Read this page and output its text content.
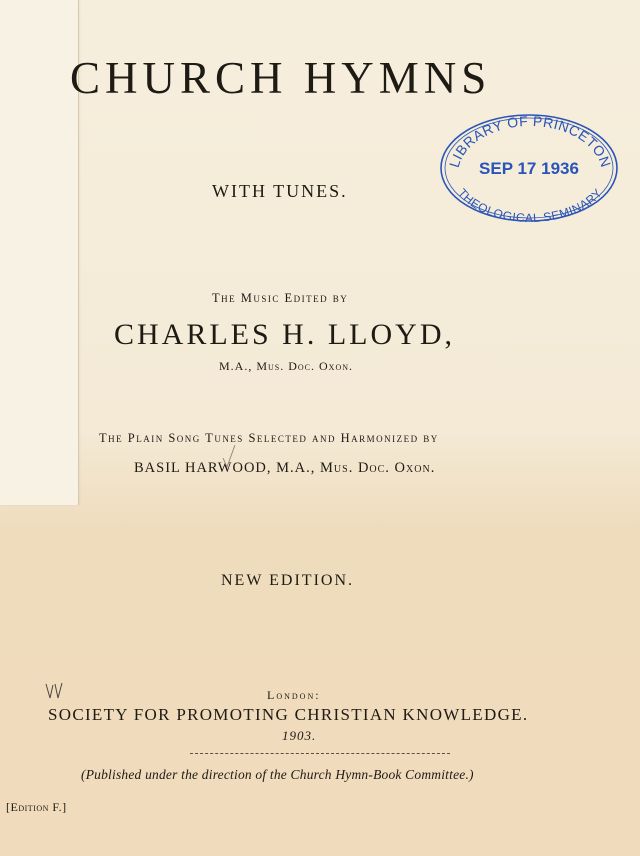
CHURCH HYMNS
WITH TUNES.
The Music Edited by
CHARLES H. LLOYD,
M.A., Mus. Doc. Oxon.
The Plain Song Tunes Selected and Harmonized by
BASIL HARWOOD, M.A., Mus. Doc. Oxon.
NEW EDITION.
London:
SOCIETY FOR PROMOTING CHRISTIAN KNOWLEDGE.
1903.
(Published under the direction of the Church Hymn-Book Committee.)
[Edition F.]
LIBRARY OF PRINCETON
SEP 17 1936
THEOLOGICAL SEMINARY
